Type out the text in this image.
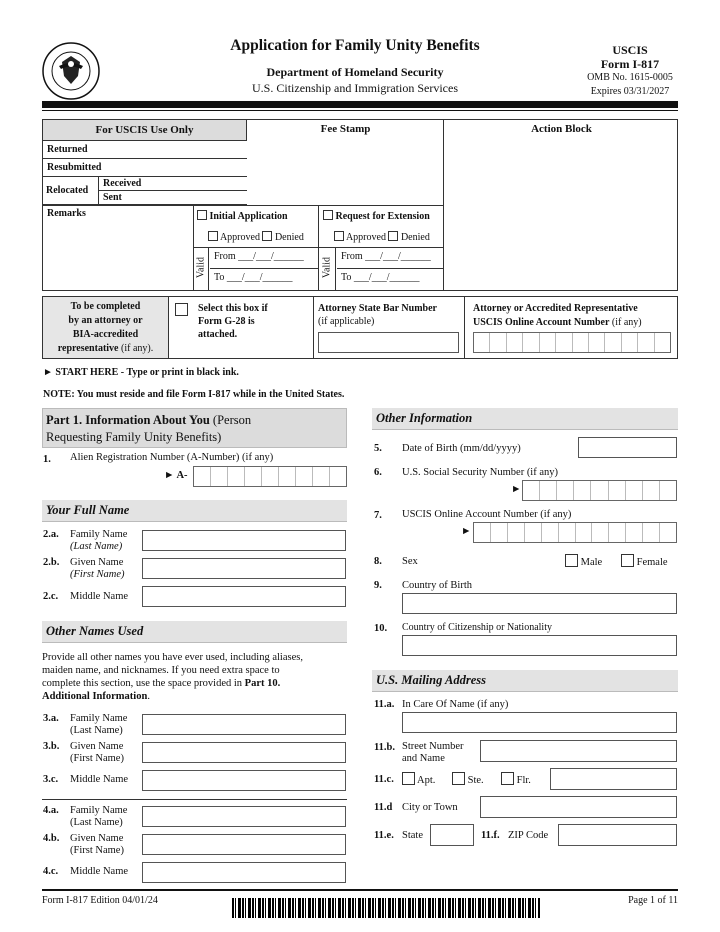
Application for Family Unity Benefits
Department of Homeland Security
U.S. Citizenship and Immigration Services
USCIS
Form I-817
OMB No. 1615-0005
Expires 03/31/2027
For USCIS Use Only	Fee Stamp	Action Block
Returned
Resubmitted
Relocated
Received
Sent
Remarks	Initial Application
Approved Denied
Valid
From ___/___/______
To ___/___/______
Request for Extension
Approved Denied
Valid
From ___/___/______
To ___/___/______
To be completed
by an attorney or
BIA-accredited
representative (if any).
Select this box if
Form G-28 is
attached.
Attorney State Bar Number
(if applicable)
Attorney or Accredited Representative
USCIS Online Account Number (if any)
► START HERE - Type or print in black ink.
NOTE: You must reside and file Form I-817 while in the United States.
Part 1. Information About You (Person
Requesting Family Unity Benefits)
1. Alien Registration Number (A-Number) (if any)
► A-
Your Full Name
2.a. Family Name
(Last Name)
2.b. Given Name
(First Name)
2.c. Middle Name
Other Names Used
Provide all other names you have ever used, including aliases,
maiden name, and nicknames. If you need extra space to
complete this section, use the space provided in Part 10.
Additional Information.
3.a. Family Name
(Last Name)
3.b. Given Name
(First Name)
3.c. Middle Name
4.a. Family Name
(Last Name)
4.b. Given Name
(First Name)
4.c. Middle Name
Other Information
5. Date of Birth (mm/dd/yyyy)
6. U.S. Social Security Number (if any)
►
7. USCIS Online Account Number (if any)
►
8. Sex	Male	Female
9. Country of Birth
10. Country of Citizenship or Nationality
U.S. Mailing Address
11.a. In Care Of Name (if any)
11.b. Street Number
and Name
11.c.	Apt.	Ste.	Flr.
11.d City or Town
11.e. State	11.f. ZIP Code
Form I-817 Edition 04/01/24	Page 1 of 11
